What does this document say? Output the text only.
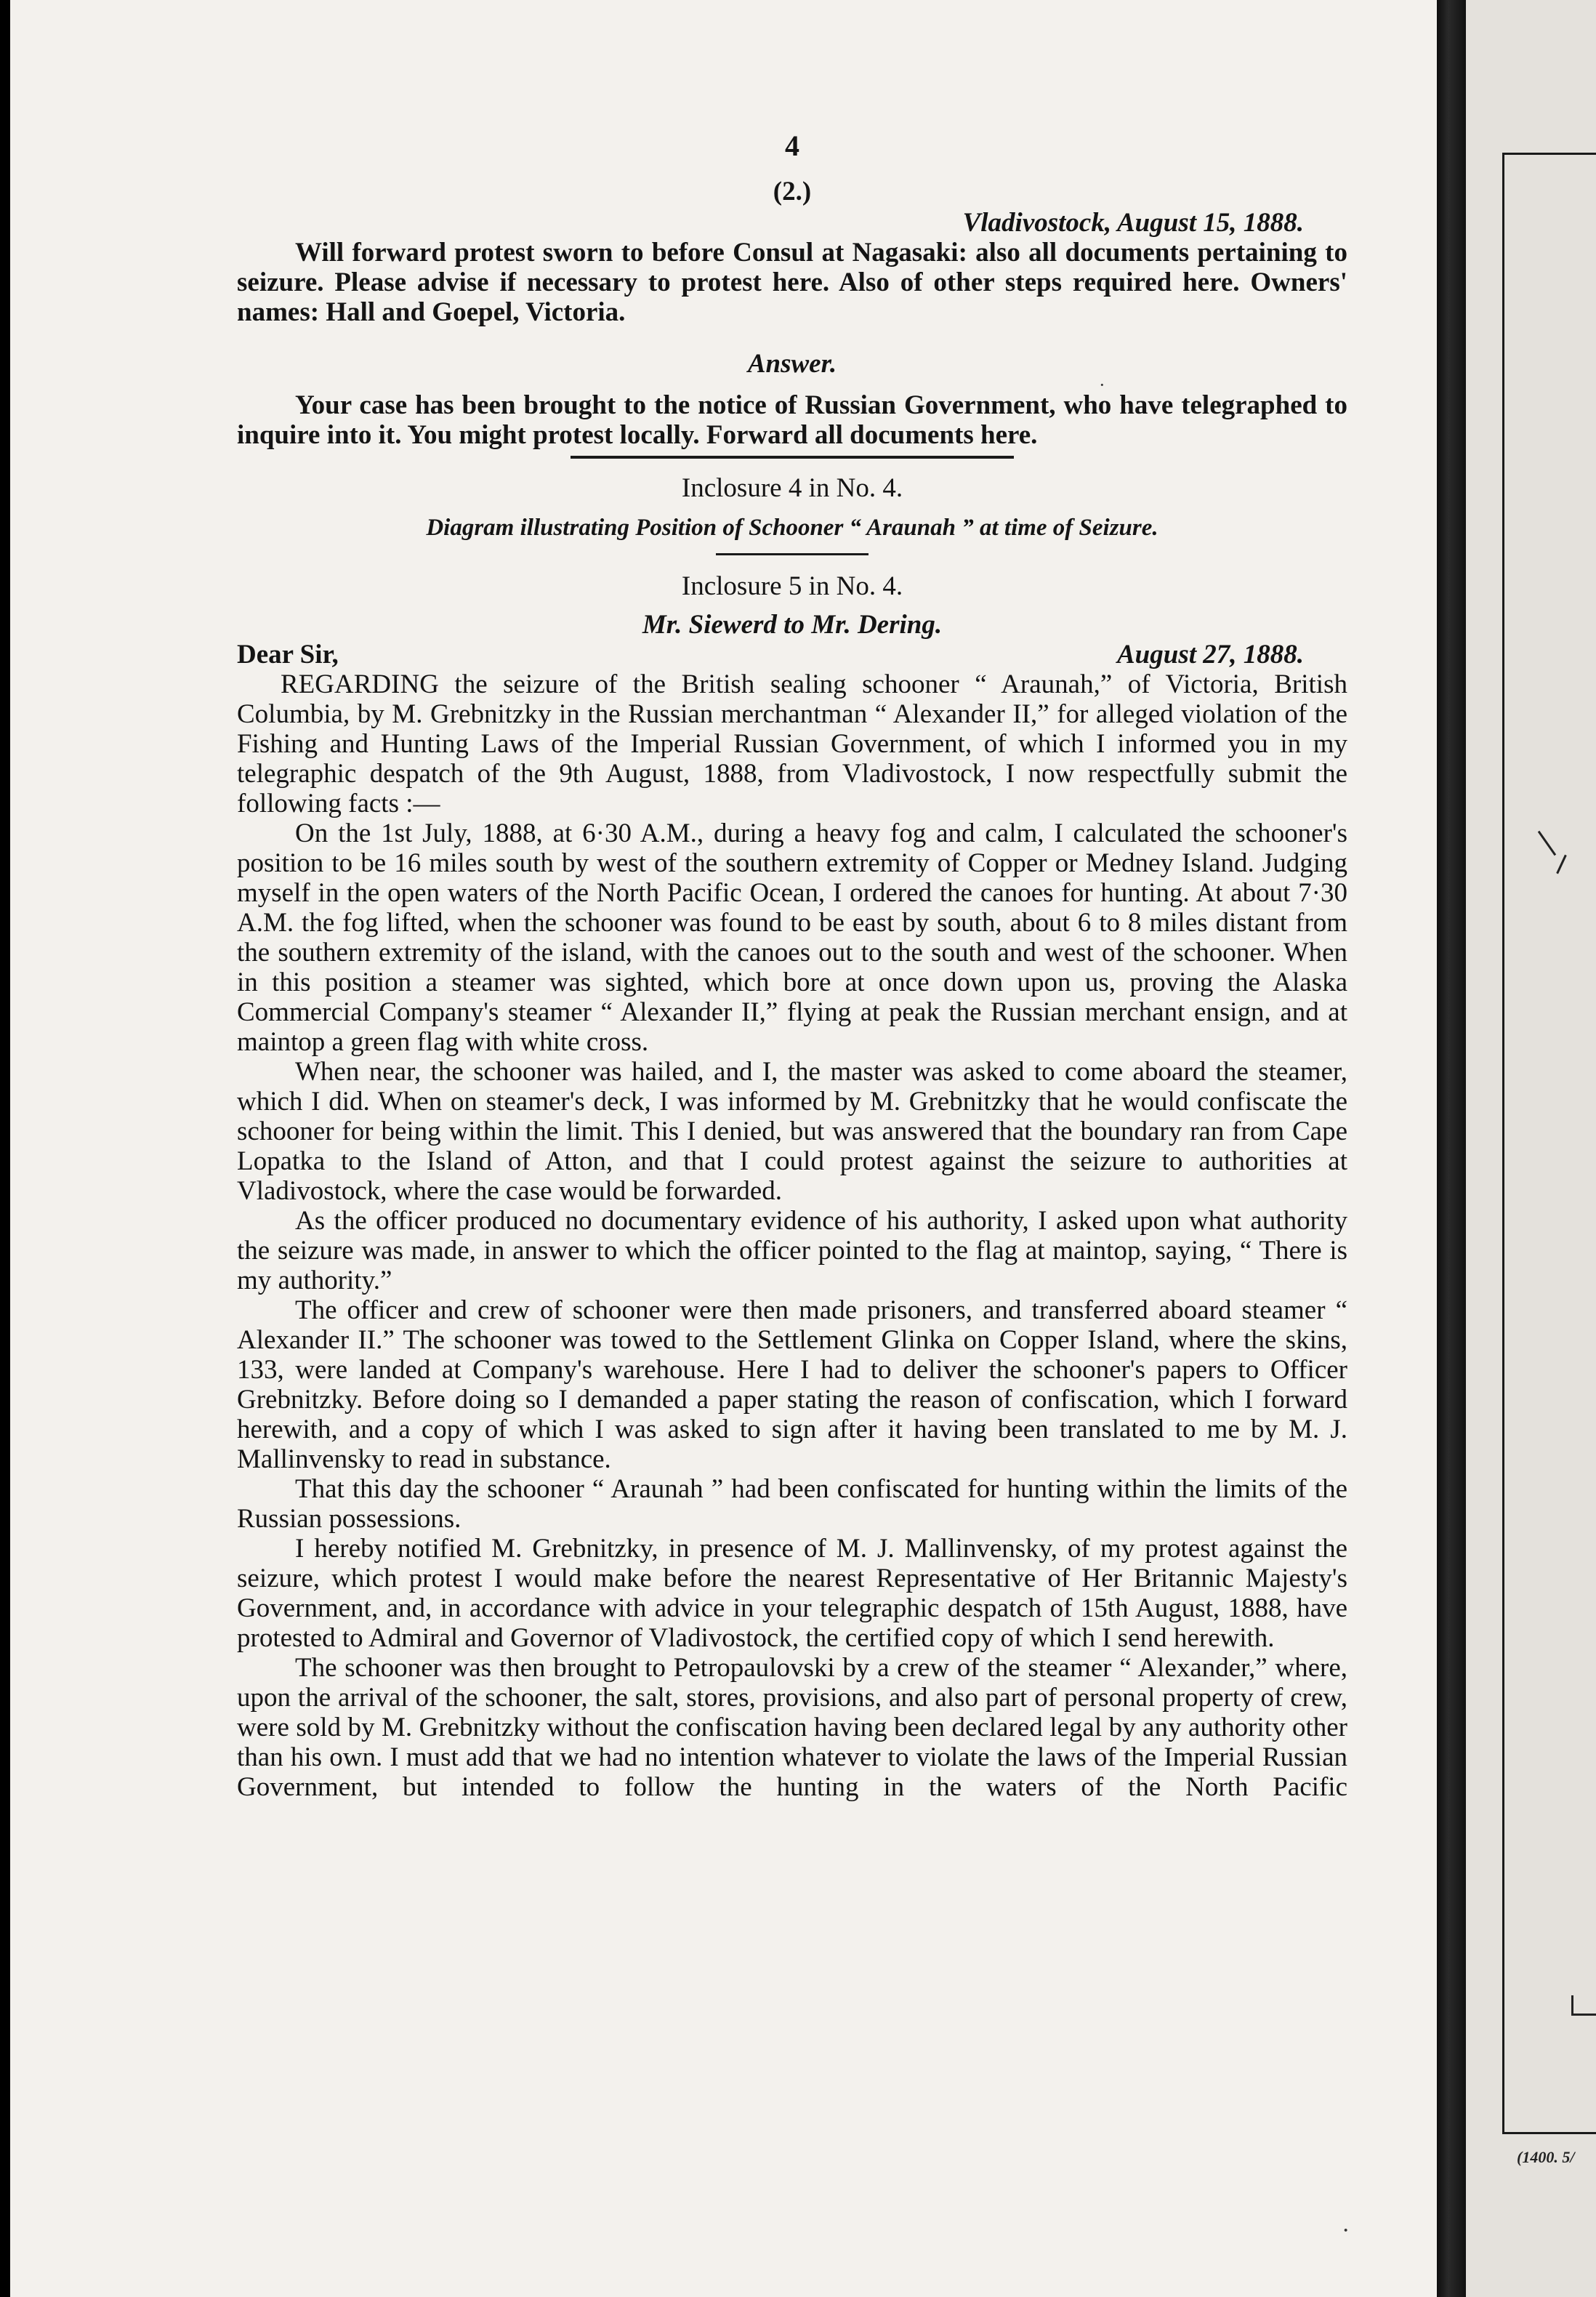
4
(2.)
Vladivostock, August 15, 1888.

Will forward protest sworn to before Consul at Nagasaki: also all documents pertaining to seizure. Please advise if necessary to protest here. Also of other steps required here. Owners' names: Hall and Goepel, Victoria.

Answer.

Your case has been brought to the notice of Russian Government, who have telegraphed to inquire into it. You might protest locally. Forward all documents here.

Inclosure 4 in No. 4.
Diagram illustrating Position of Schooner “ Araunah ” at time of Seizure.
Inclosure 5 in No. 4.
Mr. Siewerd to Mr. Dering.
Dear Sir,	August 27, 1888.

REGARDING the seizure of the British sealing schooner “ Araunah,” of Victoria, British Columbia, by M. Grebnitzky in the Russian merchantman “ Alexander II,” for alleged violation of the Fishing and Hunting Laws of the Imperial Russian Government, of which I informed you in my telegraphic despatch of the 9th August, 1888, from Vladivostock, I now respectfully submit the following facts :—

On the 1st July, 1888, at 6·30 A.M., during a heavy fog and calm, I calculated the schooner's position to be 16 miles south by west of the southern extremity of Copper or Medney Island. Judging myself in the open waters of the North Pacific Ocean, I ordered the canoes for hunting. At about 7·30 A.M. the fog lifted, when the schooner was found to be east by south, about 6 to 8 miles distant from the southern extremity of the island, with the canoes out to the south and west of the schooner. When in this position a steamer was sighted, which bore at once down upon us, proving the Alaska Commercial Company's steamer “ Alexander II,” flying at peak the Russian merchant ensign, and at maintop a green flag with white cross.

When near, the schooner was hailed, and I, the master was asked to come aboard the steamer, which I did. When on steamer's deck, I was informed by M. Grebnitzky that he would confiscate the schooner for being within the limit. This I denied, but was answered that the boundary ran from Cape Lopatka to the Island of Atton, and that I could protest against the seizure to authorities at Vladivostock, where the case would be forwarded.

As the officer produced no documentary evidence of his authority, I asked upon what authority the seizure was made, in answer to which the officer pointed to the flag at maintop, saying, “ There is my authority.”

The officer and crew of schooner were then made prisoners, and transferred aboard steamer “ Alexander II.” The schooner was towed to the Settlement Glinka on Copper Island, where the skins, 133, were landed at Company's warehouse. Here I had to deliver the schooner's papers to Officer Grebnitzky. Before doing so I demanded a paper stating the reason of confiscation, which I forward herewith, and a copy of which I was asked to sign after it having been translated to me by M. J. Mallinvensky to read in substance.

That this day the schooner “ Araunah ” had been confiscated for hunting within the limits of the Russian possessions.

I hereby notified M. Grebnitzky, in presence of M. J. Mallinvensky, of my protest against the seizure, which protest I would make before the nearest Representative of Her Britannic Majesty's Government, and, in accordance with advice in your telegraphic despatch of 15th August, 1888, have protested to Admiral and Governor of Vladivostock, the certified copy of which I send herewith.

The schooner was then brought to Petropaulovski by a crew of the steamer “ Alexander,” where, upon the arrival of the schooner, the salt, stores, provisions, and also part of personal property of crew, were sold by M. Grebnitzky without the confiscation having been declared legal by any authority other than his own. I must add that we had no intention whatever to violate the laws of the Imperial Russian Government, but intended to follow the hunting in the waters of the North Pacific

·
·
(1400. 5/
